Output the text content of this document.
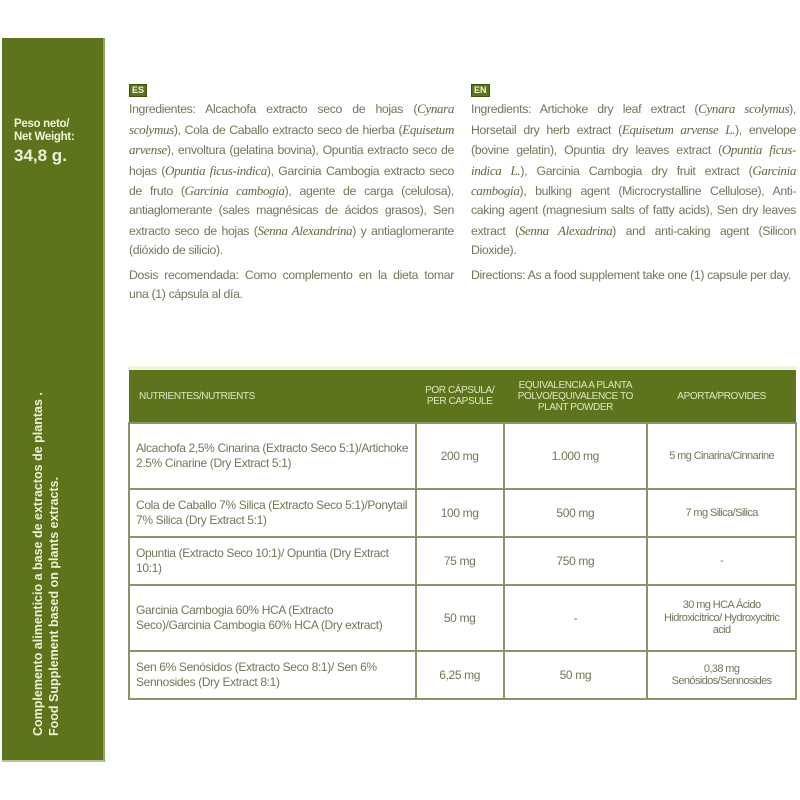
Peso neto/
Net Weight:
34,8 g.
Complemento alimenticio a base de extractos de plantas . Food Supplement based on plants extracts.
ES

Ingredientes: Alcachofa extracto seco de hojas (Cynara scolymus), Cola de Caballo extracto seco de hierba (Equisetum arvense), envoltura (gelatina bovina), Opuntia extracto seco de hojas (Opuntia ficus-indica), Garcinia Cambogia extracto seco de fruto (Garcinia cambogia), agente de carga (celulosa), antiaglomerante (sales magnésicas de ácidos grasos), Sen extracto seco de hojas (Senna Alexandrina) y antiaglomerante (dióxido de silicio).

Dosis recomendada: Como complemento en la dieta tomar una (1) cápsula al día.

EN

Ingredients: Artichoke dry leaf extract (Cynara scolymus), Horsetail dry herb extract (Equisetum arvense L.), envelope (bovine gelatin), Opuntia dry leaves extract (Opuntia ficus-indica L.), Garcinia Cambogia dry fruit extract (Garcinia cambogia), bulking agent (Microcrystalline Cellulose), Anti-caking agent (magnesium salts of fatty acids), Sen dry leaves extract (Senna Alexadrina) and anti-caking agent (Silicon Dioxide).

Directions: As a food supplement take one (1) capsule per day.

NUTRIENTES/NUTRIENTS	POR CÁPSULA/ PER CAPSULE	EQUIVALENCIA A PLANTA POLVO/EQUIVALENCE TO PLANT POWDER	APORTA/PROVIDES
Alcachofa 2,5% Cinarina (Extracto Seco 5:1)/Artichoke 2.5% Cinarine (Dry Extract 5:1)	200 mg	1.000 mg	5 mg Cinarina/Cinnarine
Cola de Caballo 7% Silica (Extracto Seco 5:1)/Ponytail 7% Silica (Dry Extract 5:1)	100 mg	500 mg	7 mg Silica/Silica
Opuntia (Extracto Seco 10:1)/ Opuntia (Dry Extract 10:1)	75 mg	750 mg	-
Garcinia Cambogia 60% HCA (Extracto Seco)/Garcinia Cambogia 60% HCA (Dry extract)	50 mg	-	30 mg HCA Ácido Hidroxicítrico/ Hydroxycitric acid
Sen 6% Senósidos (Extracto Seco 8:1)/ Sen 6% Sennosides (Dry Extract 8:1)	6,25 mg	50 mg	0,38 mg Senósidos/Sennosides
